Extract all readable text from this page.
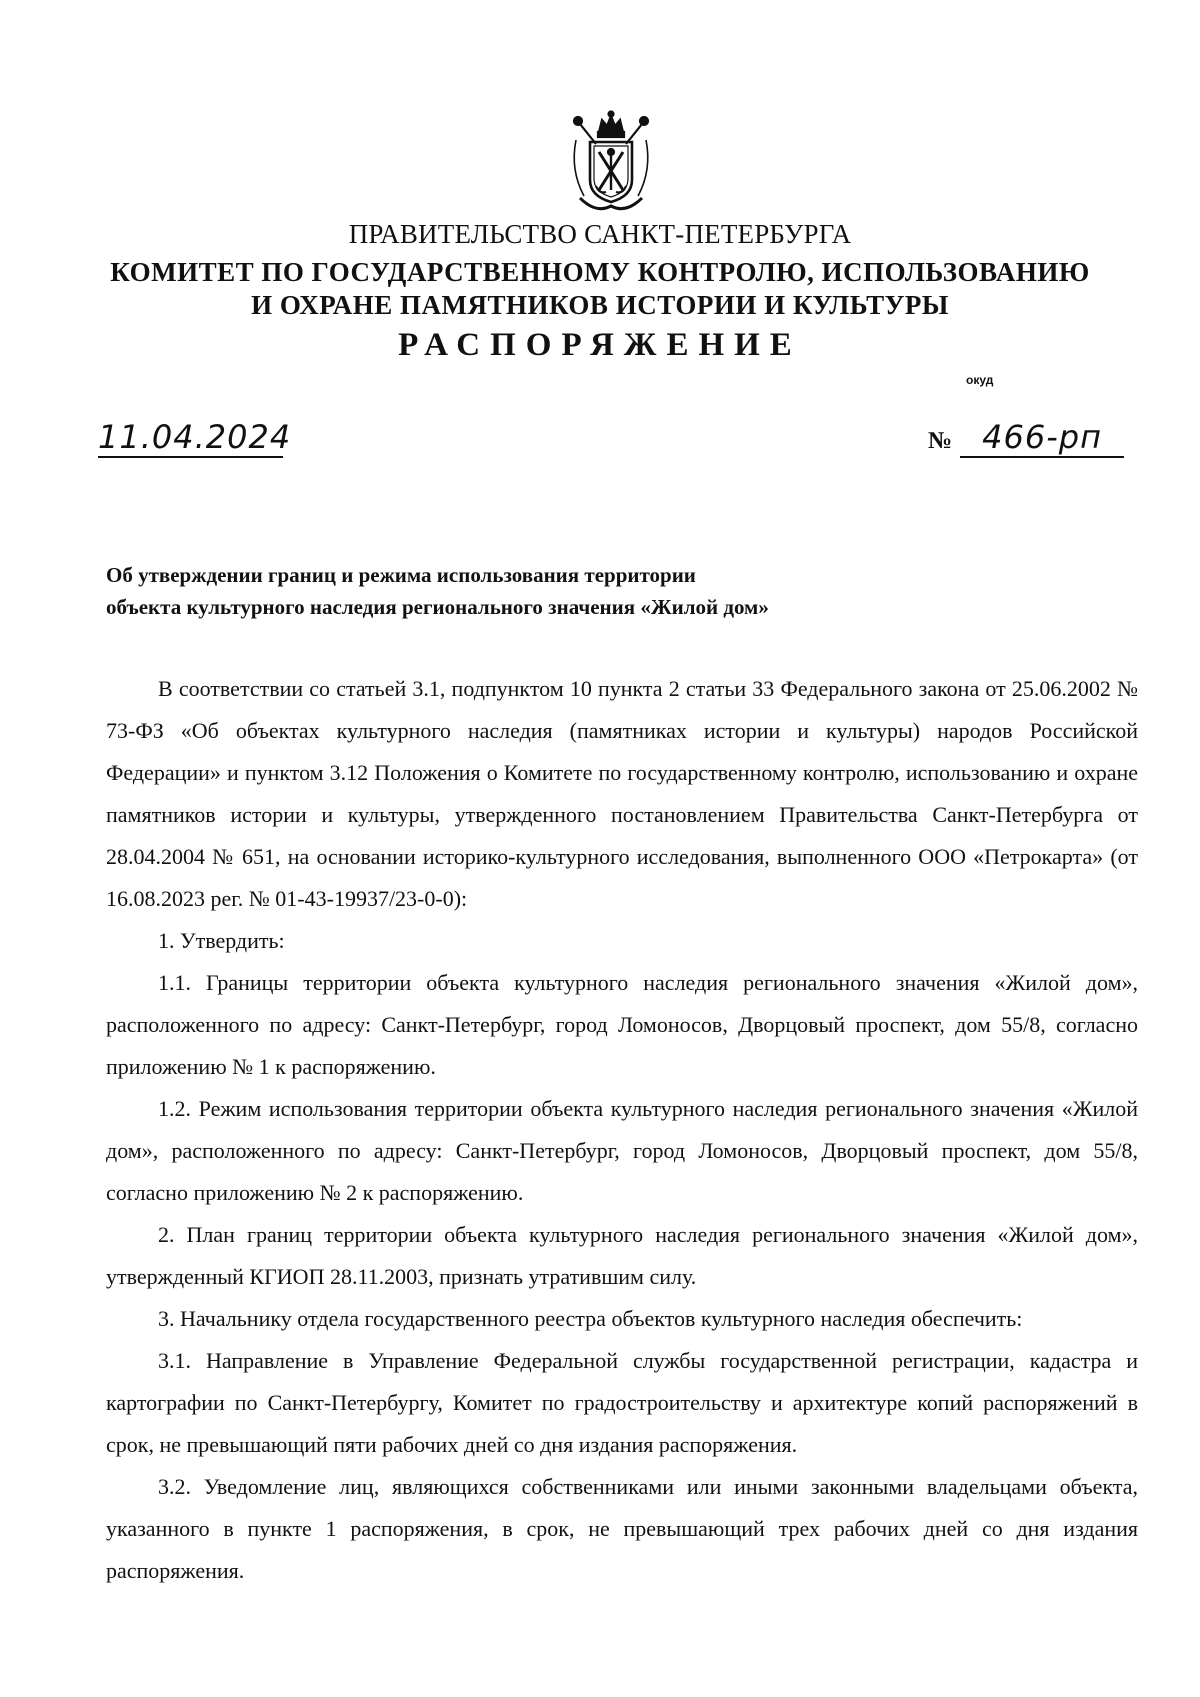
ПРАВИТЕЛЬСТВО САНКТ-ПЕТЕРБУРГА
КОМИТЕТ ПО ГОСУДАРСТВЕННОМУ КОНТРОЛЮ, ИСПОЛЬЗОВАНИЮ
И ОХРАНЕ ПАМЯТНИКОВ ИСТОРИИ И КУЛЬТУРЫ
РАСПОРЯЖЕНИЕ
окуд
11.04.2024	№ 466-рп
Об утверждении границ и режима использования территории
объекта культурного наследия регионального значения «Жилой дом»

В соответствии со статьей 3.1, подпунктом 10 пункта 2 статьи 33 Федерального закона от 25.06.2002 № 73-ФЗ «Об объектах культурного наследия (памятниках истории и культуры) народов Российской Федерации» и пунктом 3.12 Положения о Комитете по государственному контролю, использованию и охране памятников истории и культуры, утвержденного постановлением Правительства Санкт-Петербурга от 28.04.2004 № 651, на основании историко-культурного исследования, выполненного ООО «Петрокарта» (от 16.08.2023 рег. № 01-43-19937/23-0-0):

1. Утвердить:

1.1. Границы территории объекта культурного наследия регионального значения «Жилой дом», расположенного по адресу: Санкт-Петербург, город Ломоносов, Дворцовый проспект, дом 55/8, согласно приложению № 1 к распоряжению.

1.2. Режим использования территории объекта культурного наследия регионального значения «Жилой дом», расположенного по адресу: Санкт-Петербург, город Ломоносов, Дворцовый проспект, дом 55/8, согласно приложению № 2 к распоряжению.

2. План границ территории объекта культурного наследия регионального значения «Жилой дом», утвержденный КГИОП 28.11.2003, признать утратившим силу.

3. Начальнику отдела государственного реестра объектов культурного наследия обеспечить:

3.1. Направление в Управление Федеральной службы государственной регистрации, кадастра и картографии по Санкт-Петербургу, Комитет по градостроительству и архитектуре копий распоряжений в срок, не превышающий пяти рабочих дней со дня издания распоряжения.

3.2. Уведомление лиц, являющихся собственниками или иными законными владельцами объекта, указанного в пункте 1 распоряжения, в срок, не превышающий трех рабочих дней со дня издания распоряжения.
